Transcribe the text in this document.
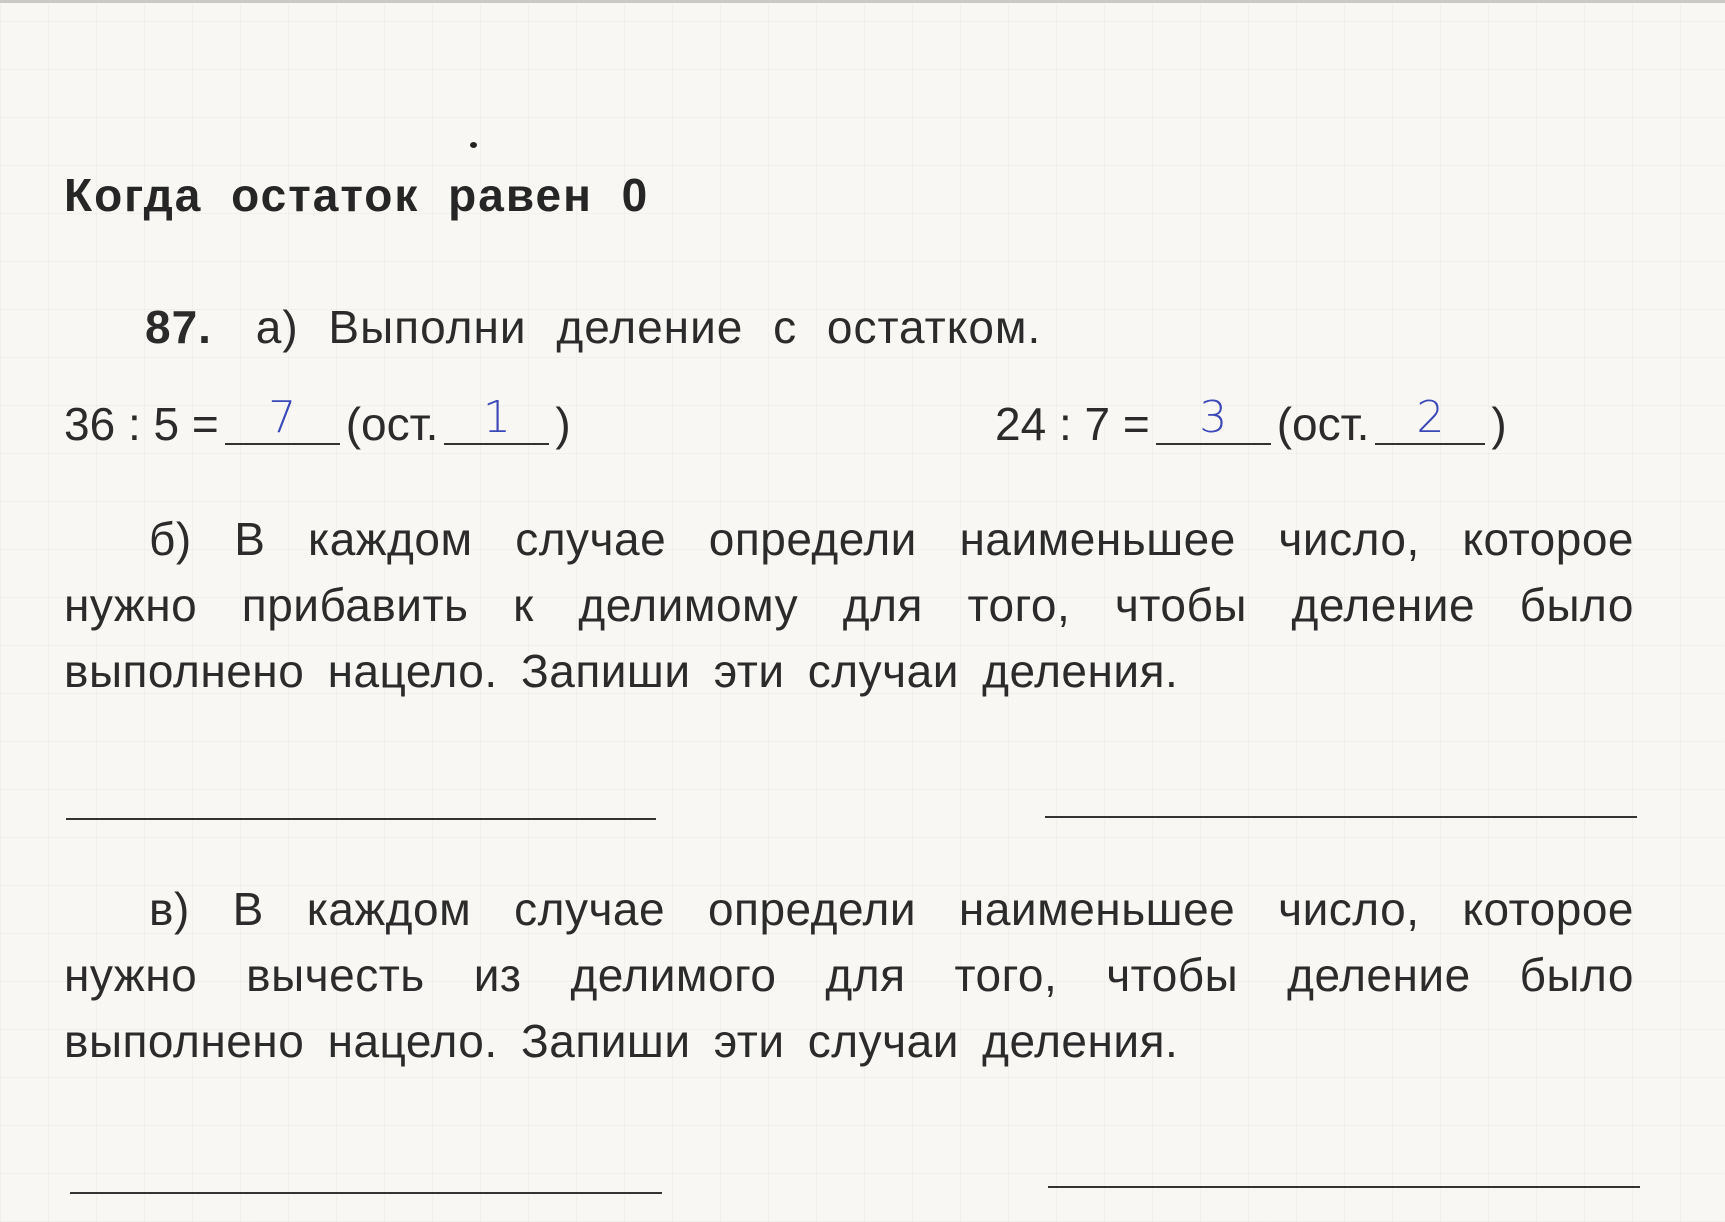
Когда остаток равен 0
87. а) Выполни деление с остатком.
36 : 5 =	7	(ост.	1 )	24 : 7 =	3	(ост.	2	)
б) В каждом случае определи наименьшее число, которое нужно прибавить к делимому для того, чтобы деление было выполнено нацело. Запиши эти случаи деления.
в) В каждом случае определи наименьшее число, которое нужно вычесть из делимого для того, чтобы деление было выполнено нацело. Запиши эти случаи деления.
